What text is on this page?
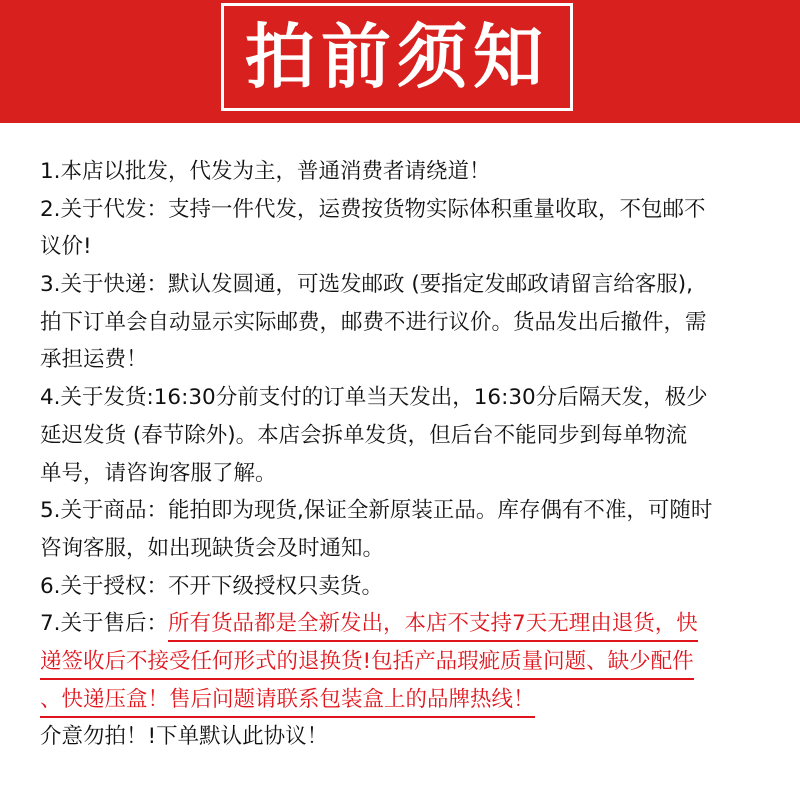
拍前须知
1.本店以批发，代发为主，普通消费者请绕道！
2.关于代发：支持一件代发，运费按货物实际体积重量收取，不包邮不
议价!
3.关于快递：默认发圆通，可选发邮政 (要指定发邮政请留言给客服),
拍下订单会自动显示实际邮费，邮费不进行议价。货品发出后撤件，需
承担运费！
4.关于发货:16:30分前支付的订单当天发出，16:30分后隔天发，极少
延迟发货 (春节除外)。本店会拆单发货，但后台不能同步到每单物流
单号，请咨询客服了解。
5.关于商品：能拍即为现货,保证全新原装正品。库存偶有不准，可随时
咨询客服，如出现缺货会及时通知。
6.关于授权：不开下级授权只卖货。
7.关于售后：所有货品都是全新发出，本店不支持7天无理由退货，快
递签收后不接受任何形式的退换货!包括产品瑕疵质量问题、缺少配件
、快递压盒！售后问题请联系包装盒上的品牌热线！
介意勿拍！!下单默认此协议！
